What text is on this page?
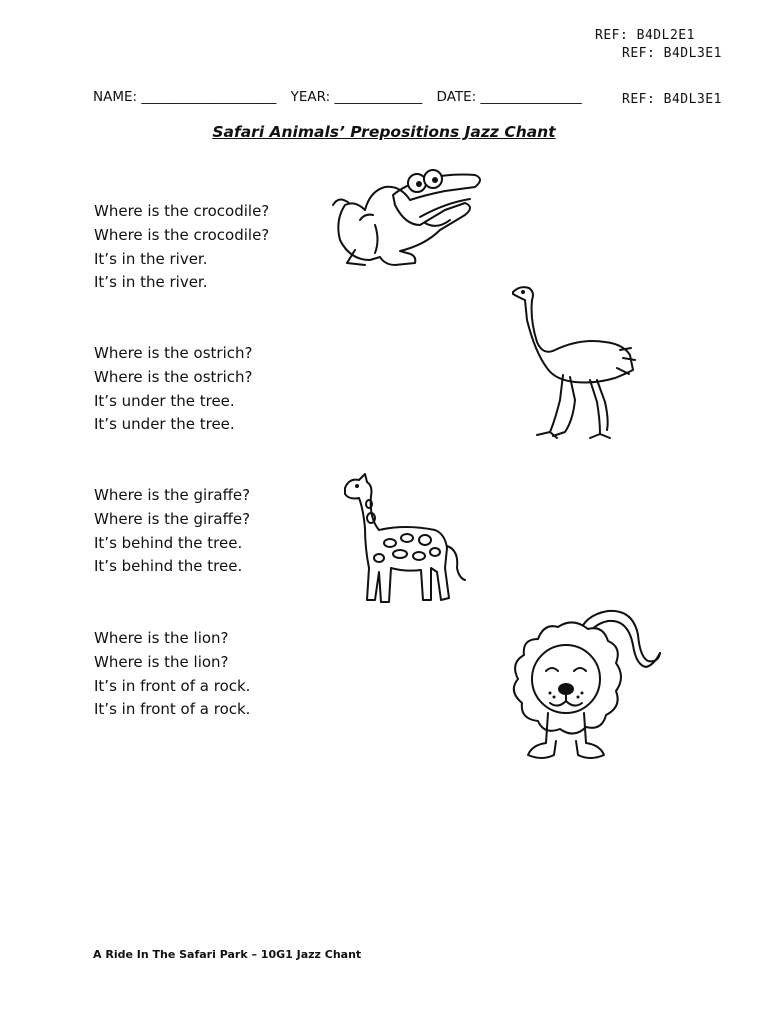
REF: B4DL2E1
REF: B4DL3E1
REF: B4DL3E1
NAME: ____________________ YEAR: _____________ DATE: _______________
Safari Animals’ Prepositions Jazz Chant
Where is the crocodile?
Where is the crocodile?
It’s in the river.
It’s in the river.
Where is the ostrich?
Where is the ostrich?
It’s under the tree.
It’s under the tree.
Where is the giraffe?
Where is the giraffe?
It’s behind the tree.
It’s behind the tree.
Where is the lion?
Where is the lion?
It’s in front of a rock.
It’s in front of a rock.
A Ride In The Safari Park – 10G1 Jazz Chant
